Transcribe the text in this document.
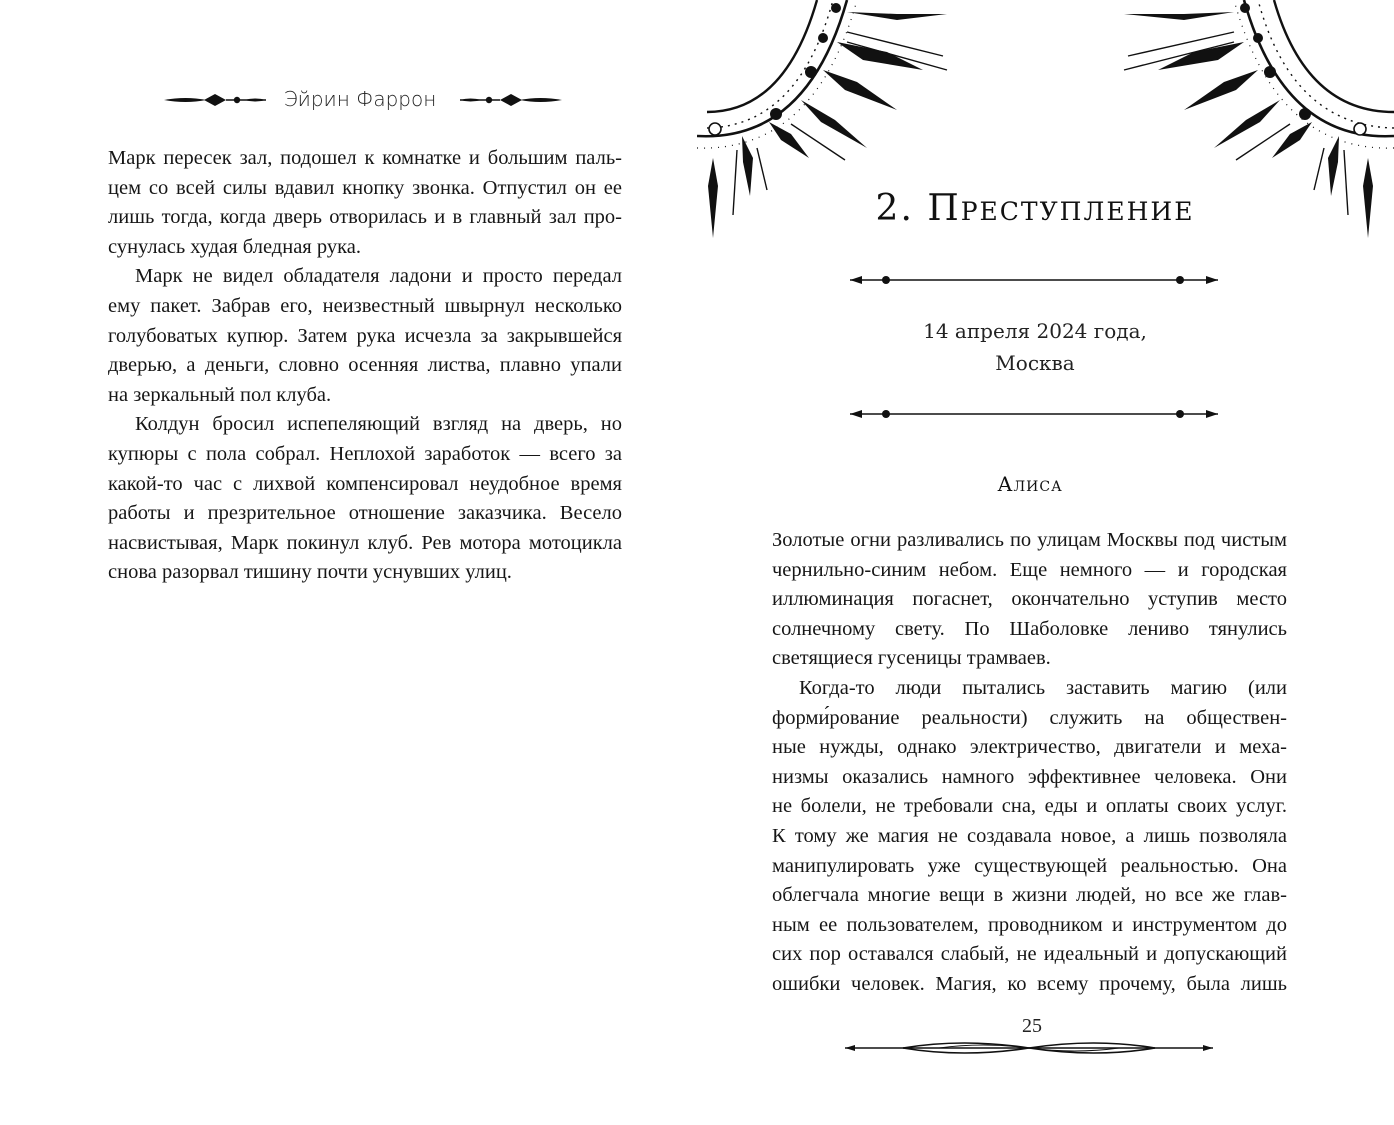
Эйрин Фаррон
Марк пересек зал, подошел к комнатке и большим паль-
цем со всей силы вдавил кнопку звонка. Отпустил он ее
лишь тогда, когда дверь отворилась и в главный зал про-
сунулась худая бледная рука.
Марк не видел обладателя ладони и просто передал
ему пакет. Забрав его, неизвестный швырнул несколько
голубоватых купюр. Затем рука исчезла за закрывшейся
дверью, а деньги, словно осенняя листва, плавно упали
на зеркальный пол клуба.
Колдун бросил испепеляющий взгляд на дверь, но
купюры с пола собрал. Неплохой заработок — всего за
какой-то час с лихвой компенсировал неудобное время
работы и презрительное отношение заказчика. Весело
насвистывая, Марк покинул клуб. Рев мотора мотоцикла
снова разорвал тишину почти уснувших улиц.
2. Преступление
14 апреля 2024 года,
Москва
Алиса
Золотые огни разливались по улицам Москвы под чистым
чернильно-синим небом. Еще немного — и городская
иллюминация погаснет, окончательно уступив место
солнечному свету. По Шаболовке лениво тянулись
светящиеся гусеницы трамваев.
Когда-то люди пытались заставить магию (или
форми́рование реальности) служить на обществен-
ные нужды, однако электричество, двигатели и меха-
низмы оказались намного эффективнее человека. Они
не болели, не требовали сна, еды и оплаты своих услуг.
К тому же магия не создавала новое, а лишь позволяла
манипулировать уже существующей реальностью. Она
облегчала многие вещи в жизни людей, но все же глав-
ным ее пользователем, проводником и инструментом до
сих пор оставался слабый, не идеальный и допускающий
ошибки человек. Магия, ко всему прочему, была лишь
25
